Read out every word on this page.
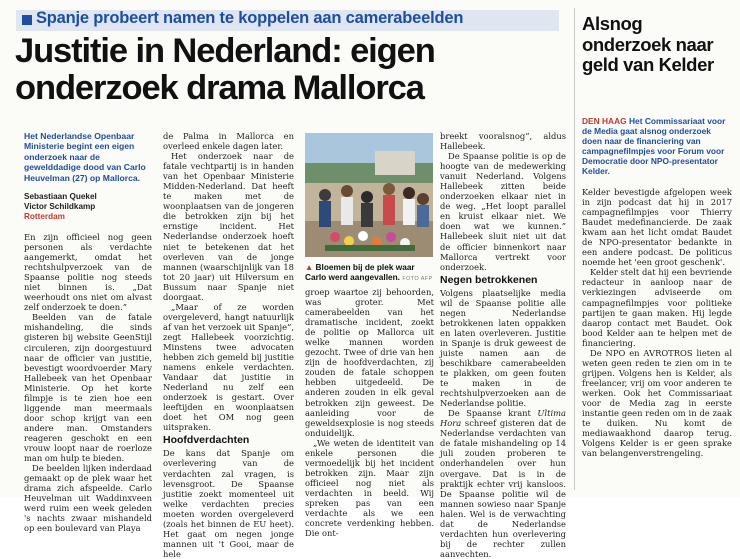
Spanje probeert namen te koppelen aan camerabeelden
Justitie in Nederland: eigen
onderzoek drama Mallorca
Het Nederlandse Openbaar Ministerie begint een eigen onderzoek naar de gewelddadige dood van Carlo Heuvelman (27) op Mallorca.
Sebastiaan Quekel
Victor Schildkamp
Rotterdam

En zijn officieel nog geen personen als verdachte aangemerkt, omdat het rechtshulpverzoek van de Spaanse politie nog steeds niet binnen is. „Dat weerhoudt ons niet om alvast zelf onderzoek te doen.”

Beelden van de fatale mishandeling, die sinds gisteren bij website GeenStijl circuleren, zijn doorgestuurd naar de officier van justitie, bevestigt woordvoerder Mary Hallebeek van het Openbaar Ministerie. Op het korte filmpje is te zien hoe een liggende man meermaals door schop krijgt van een andere man. Omstanders reageren geschokt en een vrouw loopt naar de roerloze man om hulp te bieden.

De beelden lijken inderdaad gemaakt op de plek waar het drama zich afspeelde. Carlo Heuvelman uit Waddinxveen werd ruim een week geleden 's nachts zwaar mishandeld op een boulevard van Playa

de Palma in Mallorca en overleed enkele dagen later.

Het onderzoek naar de fatale vechtpartij is in handen van het Openbaar Ministerie Midden-Nederland. Dat heeft te maken met de woonplaatsen van de jongeren die betrokken zijn bij het ernstige incident. Het Nederlandse onderzoek hoeft niet te betekenen dat het overleven van de jonge mannen (waarschijnlijk van 18 tot 20 jaar) uit Hilversum en Bussum naar Spanje niet doorgaat.

„Maar of ze worden overgeleverd, hangt natuurlijk af van het verzoek uit Spanje”, zegt Hallebeek voorzichtig. Minstens twee advocaten hebben zich gemeld bij justitie namens enkele verdachten. Vandaar dat justitie in Nederland nu zelf een onderzoek is gestart. Over leeftijden en woonplaatsen doet het OM nog geen uitspraken.

Hoofdverdachten

De kans dat Spanje om overlevering van de verdachten zal vragen, is levensgroot. De Spaanse justitie zoekt momenteel uit welke verdachten precies moeten worden overgeleverd (zoals het binnen de EU heet). Het gaat om negen jonge mannen uit 't Gooi, maar de hele

▲ Bloemen bij de plek waar Carlo werd aangevallen. FOTO AFP

breekt vooralsnog”, aldus Hallebeek.

De Spaanse politie is op de hoogte van de medewerking vanuit Nederland. Volgens Hallebeek zitten beide onderzoeken elkaar niet in de weg. „Het loopt parallel en kruist elkaar niet. We doen wat we kunnen.” Hallebeek sluit niet uit dat de officier binnenkort naar Mallorca vertrekt voor onderzoek.

Negen betrokkenen

Volgens plaatselijke media wil de Spaanse politie alle negen Nederlandse betrokkenen laten oppakken en laten overleveren. Justitie in Spanje is druk geweest de juiste namen aan de beschikbare camerabeelden te plakken, om geen fouten te maken in de rechtshulpverzoeken aan de Nederlandse politie.

De Spaanse krant Ultima Hora schreef gisteren dat de Nederlandse verdachten van de fatale mishandeling op 14 juli zouden proberen te onderhandelen over hun overgave. Dat is in de praktijk echter vrij kansloos. De Spaanse politie wil de mannen sowieso naar Spanje halen. Wel is de verwachting dat de Nederlandse verdachten hun overlevering bij de rechter zullen aanvechten.

groep waartoe zij behoorden, was groter. Met camerabeelden van het dramatische incident, zoekt de politie op Mallorca uit welke mannen worden gezocht. Twee of drie van hen zijn de hoofdverdachten, zij zouden de fatale schoppen hebben uitgedeeld. De anderen zouden in elk geval betrokken zijn geweest. De aanleiding voor de geweldsexplosie is nog steeds onduidelijk.

„We weten de identiteit van enkele personen die vermoedelijk bij het incident betrokken zijn. Maar zijn officieel nog niet als verdachten in beeld. Wij spreken pas van een verdachte als we een concrete verdenking hebben. Die ont-

Alsnog onderzoek naar geld van Kelder
DEN HAAG Het Commissariaat voor de Media gaat alsnog onderzoek doen naar de financiering van campagnefilmpjes voor Forum voor Democratie door NPO-presentator Kelder.

Kelder bevestigde afgelopen week in zijn podcast dat hij in 2017 campagnefilmpjes voor Thierry Baudet medefinancierde. De zaak kwam aan het licht omdat Baudet de NPO-presentator bedankte in een andere podcast. De politicus noemde het 'een groot geschenk'.

Kelder stelt dat hij een bevriende redacteur in aanloop naar de verkiezingen adviseerde om campagnefilmpjes voor politieke partijen te gaan maken. Hij legde daarop contact met Baudet. Ook bood Kelder aan te helpen met de financiering.

De NPO en AVROTROS lieten al weten geen reden te zien om in te grijpen. Volgens hen is Kelder, als freelancer, vrij om voor anderen te werken. Ook het Commissariaat voor de Media zag in eerste instantie geen reden om in de zaak te duiken. Nu komt de mediawaakhond daarop terug. Volgens Kelder is er geen sprake van belangenverstrengeling.
